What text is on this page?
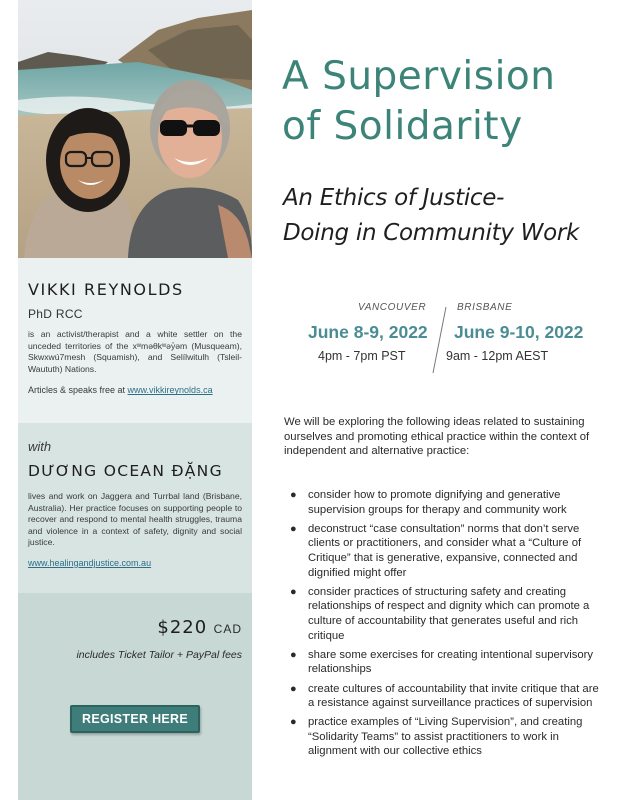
VIKKI REYNOLDS
PhD RCC
is an activist/therapist and a white settler on the unceded territories of the xʷməθkʷəy̓əm (Musqueam), Skwxwú7mesh (Squamish), and Selílwitulh (Tsleil-Waututh) Nations.
Articles & speaks free at www.vikkireynolds.ca
with
DƯƠNG OCEAN ĐẶNG
lives and work on Jaggera and Turrbal land (Brisbane, Australia). Her practice focuses on supporting people to recover and respond to mental health struggles, trauma and violence in a context of safety, dignity and social justice.
www.healingandjustice.com.au
$220 CAD
includes Ticket Tailor + PayPal fees
REGISTER HERE
A Supervision
of Solidarity
An Ethics of Justice-
Doing in Community Work
VANCOUVER
June 8-9, 2022
4pm - 7pm PST
BRISBANE
June 9-10, 2022
9am - 12pm AEST
We will be exploring the following ideas related to sustaining ourselves and promoting ethical practice within the context of independent and alternative practice:
● consider how to promote dignifying and generative supervision groups for therapy and community work
● deconstruct “case consultation” norms that don’t serve clients or practitioners, and consider what a “Culture of Critique” that is generative, expansive, connected and dignified might offer
● consider practices of structuring safety and creating relationships of respect and dignity which can promote a culture of accountability that generates useful and rich critique
● share some exercises for creating intentional supervisory relationships
● create cultures of accountability that invite critique that are a resistance against surveillance practices of supervision
● practice examples of “Living Supervision”, and creating “Solidarity Teams” to assist practitioners to work in alignment with our collective ethics
